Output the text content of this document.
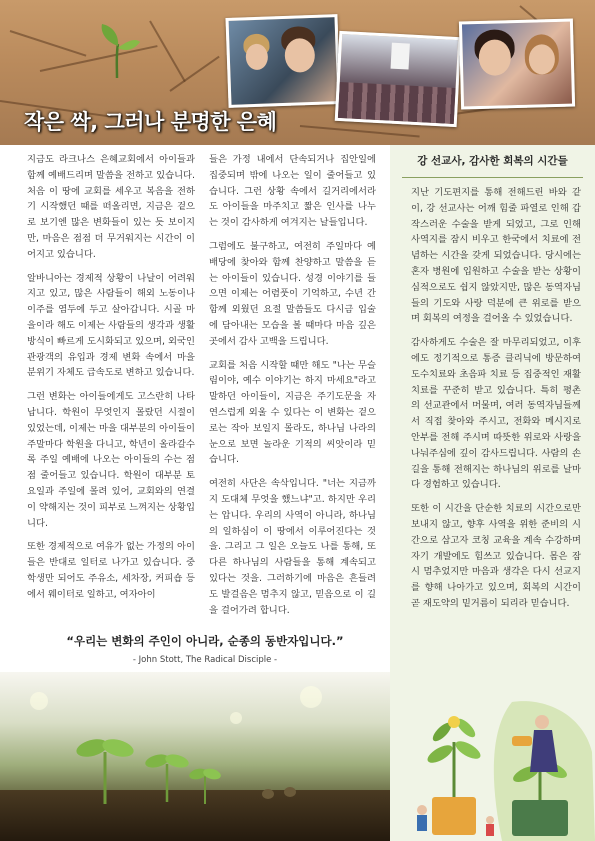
작은 싹, 그러나 분명한 은혜

지금도 라크나스 은혜교회에서 아이들과 함께 예배드리며 말씀을 전하고 있습니다. 처음 이 땅에 교회를 세우고 복음을 전하기 시작했던 때를 떠올리면, 지금은 겉으로 보기엔 많은 변화들이 있는 듯 보이지만, 마음은 점점 더 무거워지는 시간이 이어지고 있습니다.

알바니아는 경제적 상황이 나날이 어려워지고 있고, 많은 사람들이 해외 노동이나 이주를 염두에 두고 살아갑니다. 시골 마을이라 해도 이제는 사람들의 생각과 생활 방식이 빠르게 도시화되고 있으며, 외국인 관광객의 유입과 경제 변화 속에서 마을 분위기 자체도 급속도로 변하고 있습니다.

그런 변화는 아이들에게도 고스란히 나타납니다. 학원이 무엇인지 몰랐던 시절이 있었는데, 이제는 마을 대부분의 아이들이 주말마다 학원을 다니고, 학년이 올라갈수록 주일 예배에 나오는 아이들의 수는 점점 줄어들고 있습니다. 학원이 대부분 토요일과 주일에 몰려 있어, 교회와의 연결이 약해지는 것이 피부로 느껴지는 상황입니다.

또한 경제적으로 여유가 없는 가정의 아이들은 반대로 일터로 나가고 있습니다. 중학생만 되어도 주유소, 세차장, 커피숍 등에서 웨이터로 일하고, 여자아이

들은 가정 내에서 단속되거나 집안일에 집중되며 밖에 나오는 일이 줄어들고 있습니다. 그런 상황 속에서 길거리에서라도 아이들을 마주치고 짧은 인사를 나누는 것이 감사하게 여겨지는 날들입니다.

그럼에도 불구하고, 여전히 주일마다 예배당에 찾아와 함께 찬양하고 말씀을 듣는 아이들이 있습니다. 성경 이야기를 들으면 이제는 어렴풋이 기억하고, 수년 간 함께 외웠던 요절 말씀들도 다시금 입술에 담아내는 모습을 볼 때마다 마음 깊은 곳에서 감사 고백을 드립니다.

교회를 처음 시작할 때만 해도 "나는 무슬림이야, 예수 이야기는 하지 마세요"라고 말하던 아이들이, 지금은 주기도문을 자연스럽게 외울 수 있다는 이 변화는 겉으로는 작아 보일지 몰라도, 하나님 나라의 눈으로 보면 놀라운 기적의 씨앗이라 믿습니다.

여전히 사단은 속삭입니다. "너는 지금까지 도대체 무엇을 했느냐"고. 하지만 우리는 압니다. 우리의 사역이 아니라, 하나님의 일하심이 이 땅에서 이루어진다는 것을. 그리고 그 일은 오늘도 나를 통해, 또 다른 하나님의 사람들을 통해 계속되고 있다는 것을. 그러하기에 마음은 흔들려도 발걸음은 멈추지 않고, 믿음으로 이 길을 걸어가려 합니다.

강 선교사, 감사한 회복의 시간들

지난 기도편지를 통해 전해드린 바와 같이, 강 선교사는 어깨 힘줄 파열로 인해 갑작스러운 수술을 받게 되었고, 그로 인해 사역지를 잠시 비우고 한국에서 치료에 전념하는 시간을 갖게 되었습니다. 당시에는 혼자 병원에 입원하고 수술을 받는 상황이 심적으로도 쉽지 않았지만, 많은 동역자님들의 기도와 사랑 덕분에 큰 위로를 받으며 회복의 여정을 걸어올 수 있었습니다.

감사하게도 수술은 잘 마무리되었고, 이후에도 정기적으로 통증 클리닉에 방문하여 도수치료와 초음파 치료 등 집중적인 재활 치료를 꾸준히 받고 있습니다. 특히 평촌의 선교관에서 머물며, 여러 동역자님들께서 직접 찾아와 주시고, 전화와 메시지로 안부를 전해 주시며 따뜻한 위로와 사랑을 나눠주심에 깊이 감사드립니다. 사람의 손길을 통해 전해지는 하나님의 위로를 날마다 경험하고 있습니다.

또한 이 시간을 단순한 치료의 시간으로만 보내지 않고, 향후 사역을 위한 준비의 시간으로 삼고자 코칭 교육을 계속 수강하며 자기 개발에도 힘쓰고 있습니다. 몸은 잠시 멈추었지만 마음과 생각은 다시 선교지를 향해 나아가고 있으며, 회복의 시간이 곧 재도약의 밑거름이 되리라 믿습니다.

“우리는 변화의 주인이 아니라, 순종의 동반자입니다.”
- John Stott, The Radical Disciple -
